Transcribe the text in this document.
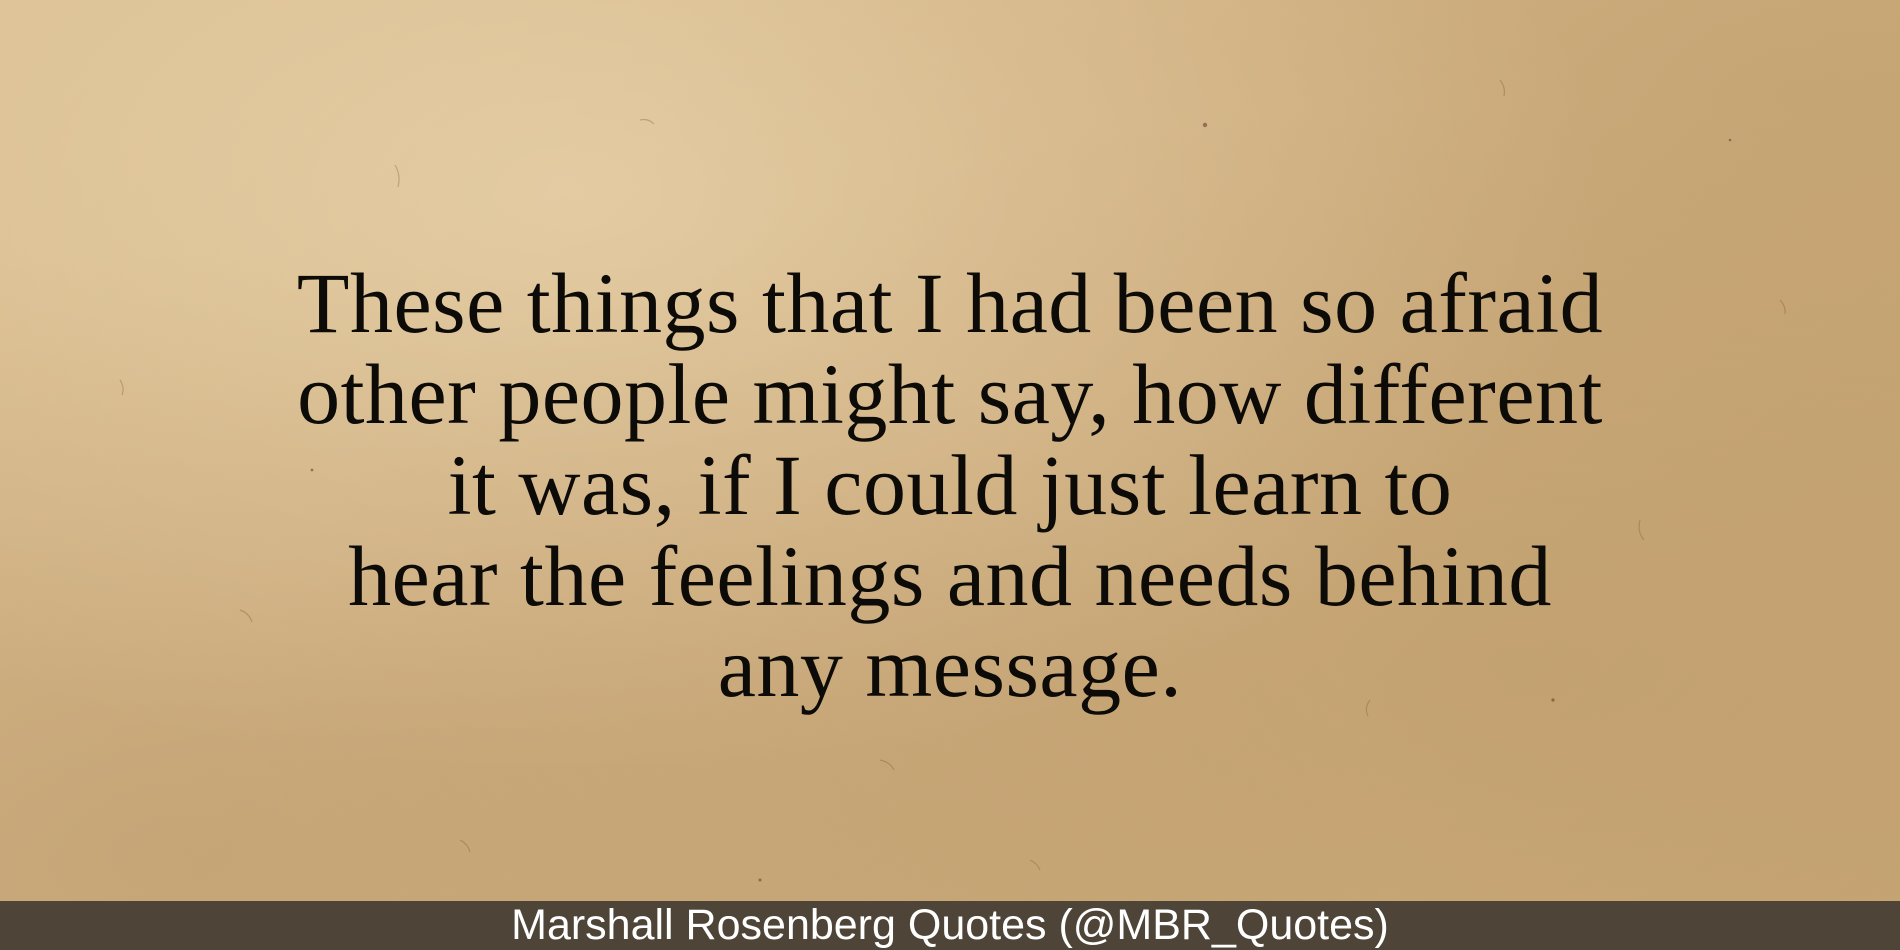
These things that I had been so afraid
other people might say, how different
it was, if I could just learn to
hear the feelings and needs behind
any message.
Marshall Rosenberg Quotes (@MBR_Quotes)
